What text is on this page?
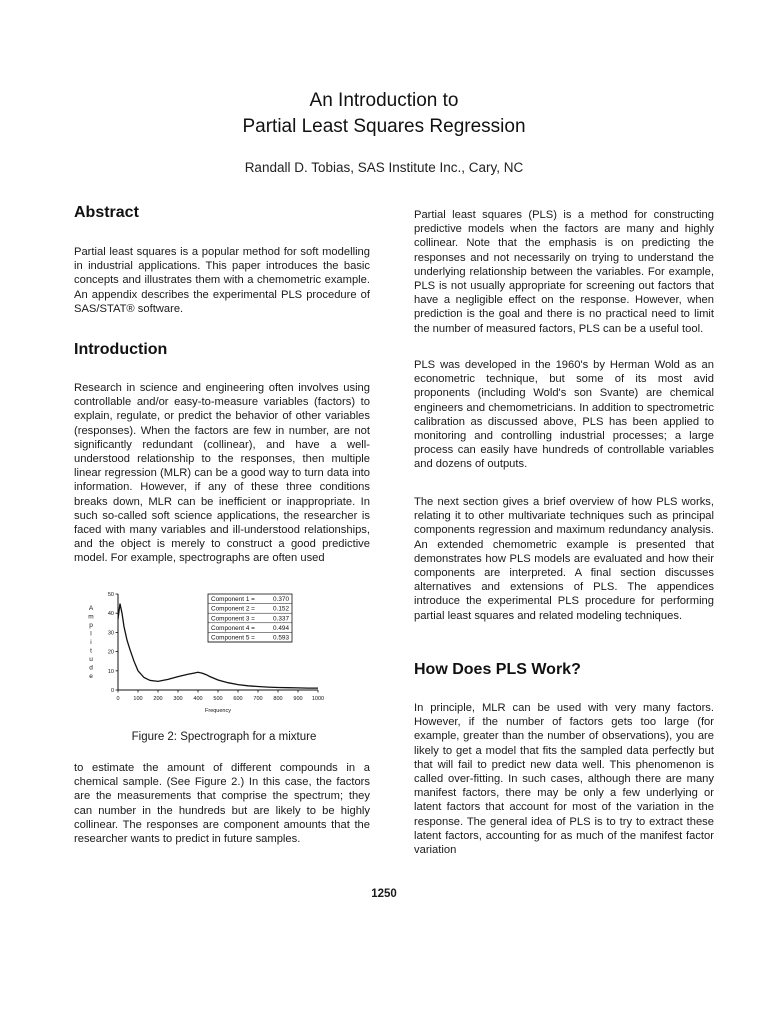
An Introduction to
Partial Least Squares Regression
Randall D. Tobias, SAS Institute Inc., Cary, NC
Abstract

Partial least squares is a popular method for soft modelling in industrial applications. This paper introduces the basic concepts and illustrates them with a chemometric example. An appendix describes the experimental PLS procedure of SAS/STAT® software.

Introduction

Research in science and engineering often involves using controllable and/or easy-to-measure variables (factors) to explain, regulate, or predict the behavior of other variables (responses). When the factors are few in number, are not significantly redundant (collinear), and have a well-understood relationship to the responses, then multiple linear regression (MLR) can be a good way to turn data into information. However, if any of these three conditions breaks down, MLR can be inefficient or inappropriate. In such so-called soft science applications, the researcher is faced with many variables and ill-understood relationships, and the object is merely to construct a good predictive model. For example, spectrographs are often used

0	100 200 300 400 500 600 700 800 900 1000
0
10
20
30
40
50
Frequency
A m p l i t u d e
Component 1 =	0.370
Component 2 =	0.152
Component 3 =	0.337
Component 4 =	0.494
Component 5 =	0.593
Figure 2: Spectrograph for a mixture

to estimate the amount of different compounds in a chemical sample. (See Figure 2.) In this case, the factors are the measurements that comprise the spectrum; they can number in the hundreds but are likely to be highly collinear. The responses are component amounts that the researcher wants to predict in future samples.

Partial least squares (PLS) is a method for constructing predictive models when the factors are many and highly collinear. Note that the emphasis is on predicting the responses and not necessarily on trying to understand the underlying relationship between the variables. For example, PLS is not usually appropriate for screening out factors that have a negligible effect on the response. However, when prediction is the goal and there is no practical need to limit the number of measured factors, PLS can be a useful tool.

PLS was developed in the 1960's by Herman Wold as an econometric technique, but some of its most avid proponents (including Wold's son Svante) are chemical engineers and chemometricians. In addition to spectrometric calibration as discussed above, PLS has been applied to monitoring and controlling industrial processes; a large process can easily have hundreds of controllable variables and dozens of outputs.

The next section gives a brief overview of how PLS works, relating it to other multivariate techniques such as principal components regression and maximum redundancy analysis. An extended chemometric example is presented that demonstrates how PLS models are evaluated and how their components are interpreted. A final section discusses alternatives and extensions of PLS. The appendices introduce the experimental PLS procedure for performing partial least squares and related modeling techniques.

How Does PLS Work?

In principle, MLR can be used with very many factors. However, if the number of factors gets too large (for example, greater than the number of observations), you are likely to get a model that fits the sampled data perfectly but that will fail to predict new data well. This phenomenon is called over-fitting. In such cases, although there are many manifest factors, there may be only a few underlying or latent factors that account for most of the variation in the response. The general idea of PLS is to try to extract these latent factors, accounting for as much of the manifest factor variation

1250
